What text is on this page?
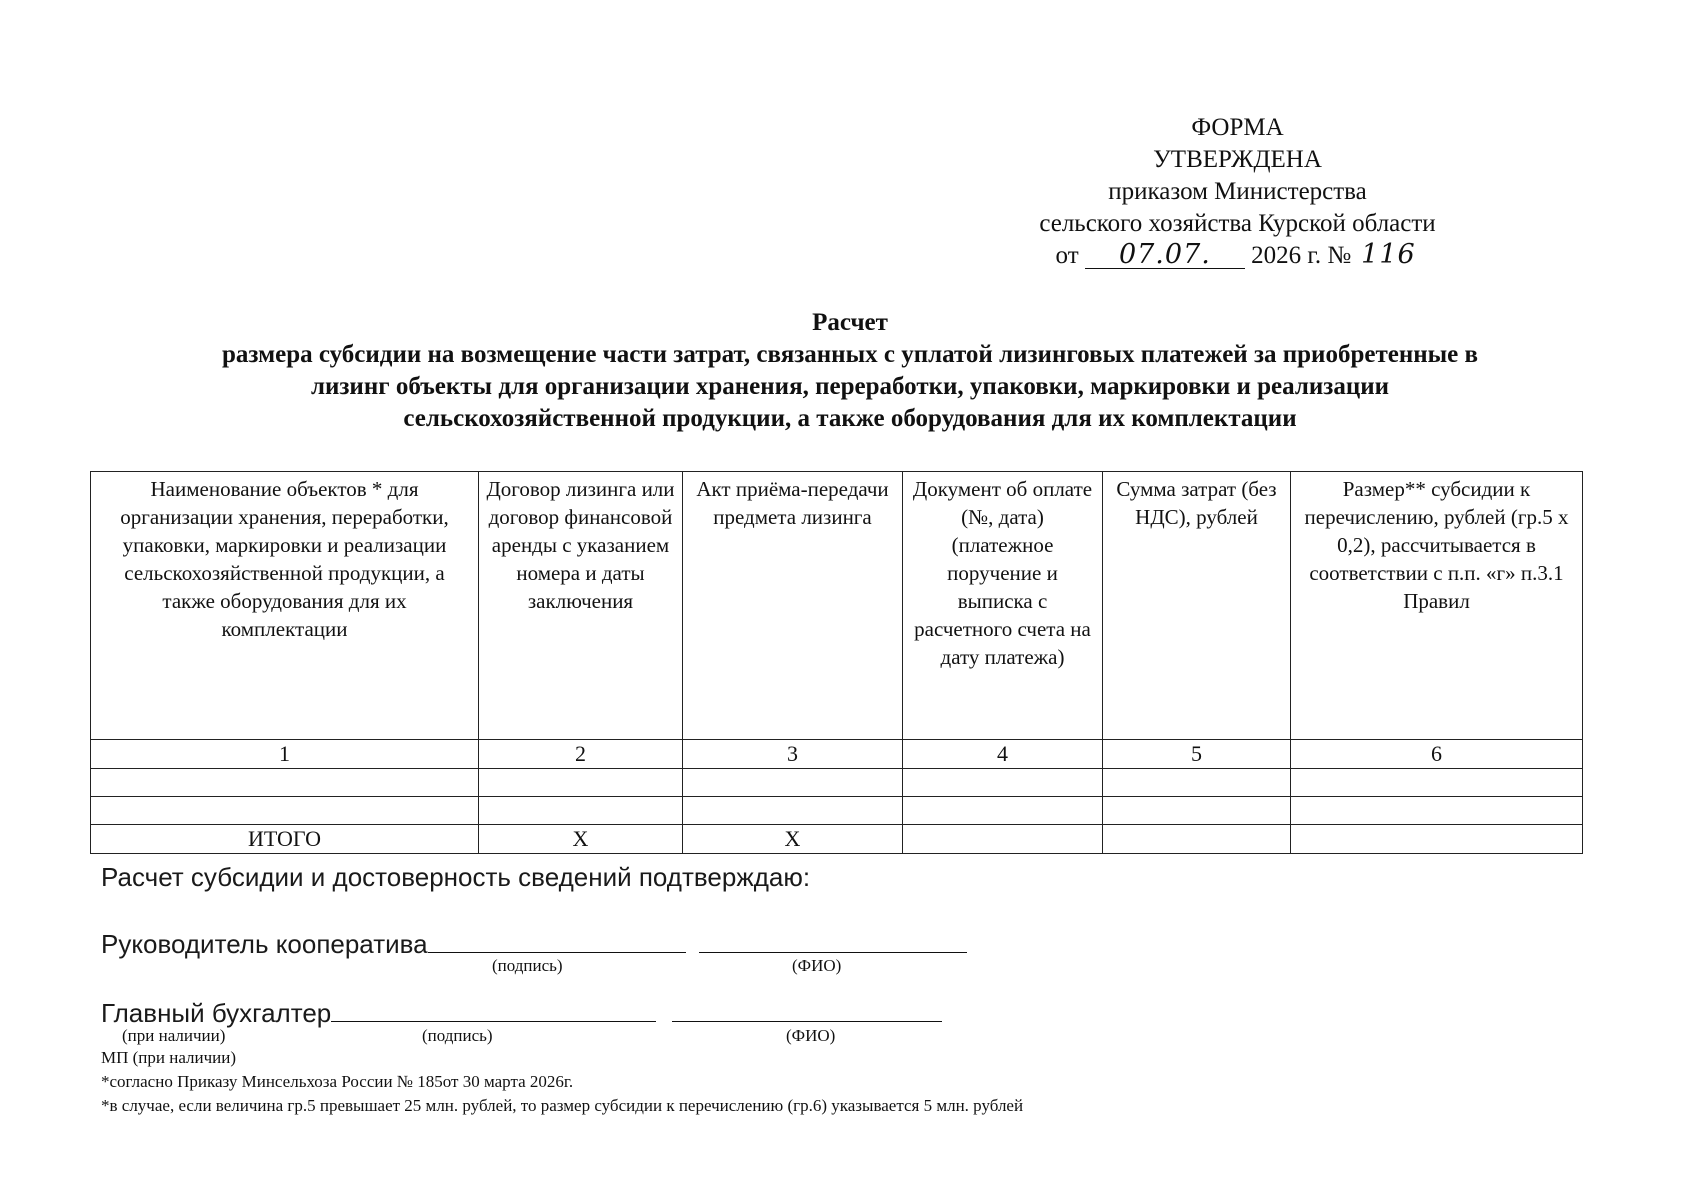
ФОРМА
УТВЕРЖДЕНА
приказом Министерства
сельского хозяйства Курской области
от 07.07. 2026 г. № 116
Расчет
размера субсидии на возмещение части затрат, связанных с уплатой лизинговых платежей за приобретенные в
лизинг объекты для организации хранения, переработки, упаковки, маркировки и реализации
сельскохозяйственной продукции, а также оборудования для их комплектации
Наименование объектов * для организации хранения, переработки, упаковки, маркировки и реализации сельскохозяйственной продукции, а также оборудования для их комплектации	Договор лизинга или договор финансовой аренды с указанием номера и даты заключения	Акт приёма-передачи предмета лизинга	Документ об оплате (№, дата) (платежное поручение и выписка с расчетного счета на дату платежа)	Сумма затрат (без НДС), рублей	Размер** субсидии к перечислению, рублей (гр.5 х 0,2), рассчитывается в соответствии с п.п. «г» п.3.1 Правил
1	2	3	4	5	6

ИТОГО	Х	Х			
Расчет субсидии и достоверность сведений подтверждаю:
Руководитель кооператива
(подпись)	(ФИО)
Главный бухгалтер
(при наличии)	(подпись)	(ФИО)
МП (при наличии)
*согласно Приказу Минсельхоза России № 185от 30 марта 2026г.
*в случае, если величина гр.5 превышает 25 млн. рублей, то размер субсидии к перечислению (гр.6) указывается 5 млн. рублей
